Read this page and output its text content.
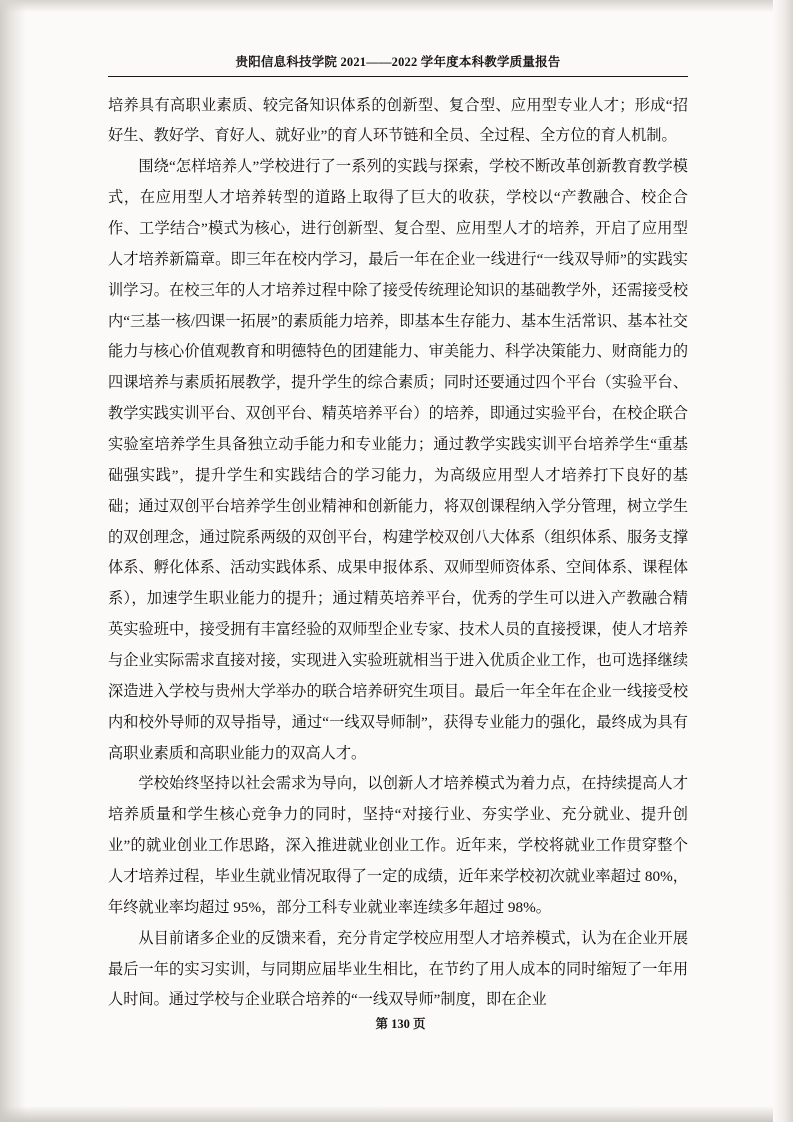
贵阳信息科技学院 2021——2022 学年度本科教学质量报告

培养具有高职业素质、较完备知识体系的创新型、复合型、应用型专业人才；形成“招好生、教好学、育好人、就好业”的育人环节链和全员、全过程、全方位的育人机制。

围绕“怎样培养人”学校进行了一系列的实践与探索，学校不断改革创新教育教学模式，在应用型人才培养转型的道路上取得了巨大的收获，学校以“产教融合、校企合作、工学结合”模式为核心，进行创新型、复合型、应用型人才的培养，开启了应用型人才培养新篇章。即三年在校内学习，最后一年在企业一线进行“一线双导师”的实践实训学习。在校三年的人才培养过程中除了接受传统理论知识的基础教学外，还需接受校内“三基一核/四课一拓展”的素质能力培养，即基本生存能力、基本生活常识、基本社交能力与核心价值观教育和明德特色的团建能力、审美能力、科学决策能力、财商能力的四课培养与素质拓展教学，提升学生的综合素质；同时还要通过四个平台（实验平台、教学实践实训平台、双创平台、精英培养平台）的培养，即通过实验平台，在校企联合实验室培养学生具备独立动手能力和专业能力；通过教学实践实训平台培养学生“重基础强实践”，提升学生和实践结合的学习能力，为高级应用型人才培养打下良好的基础；通过双创平台培养学生创业精神和创新能力，将双创课程纳入学分管理，树立学生的双创理念，通过院系两级的双创平台，构建学校双创八大体系（组织体系、服务支撑体系、孵化体系、活动实践体系、成果申报体系、双师型师资体系、空间体系、课程体系），加速学生职业能力的提升；通过精英培养平台，优秀的学生可以进入产教融合精英实验班中，接受拥有丰富经验的双师型企业专家、技术人员的直接授课，使人才培养与企业实际需求直接对接，实现进入实验班就相当于进入优质企业工作，也可选择继续深造进入学校与贵州大学举办的联合培养研究生项目。最后一年全年在企业一线接受校内和校外导师的双导指导，通过“一线双导师制”，获得专业能力的强化，最终成为具有高职业素质和高职业能力的双高人才。

学校始终坚持以社会需求为导向，以创新人才培养模式为着力点，在持续提高人才培养质量和学生核心竞争力的同时，坚持“对接行业、夯实学业、充分就业、提升创业”的就业创业工作思路，深入推进就业创业工作。近年来，学校将就业工作贯穿整个人才培养过程，毕业生就业情况取得了一定的成绩，近年来学校初次就业率超过 80%，年终就业率均超过 95%，部分工科专业就业率连续多年超过 98%。

从目前诸多企业的反馈来看，充分肯定学校应用型人才培养模式，认为在企业开展最后一年的实习实训，与同期应届毕业生相比，在节约了用人成本的同时缩短了一年用人时间。通过学校与企业联合培养的“一线双导师”制度，即在企业

第 130 页
